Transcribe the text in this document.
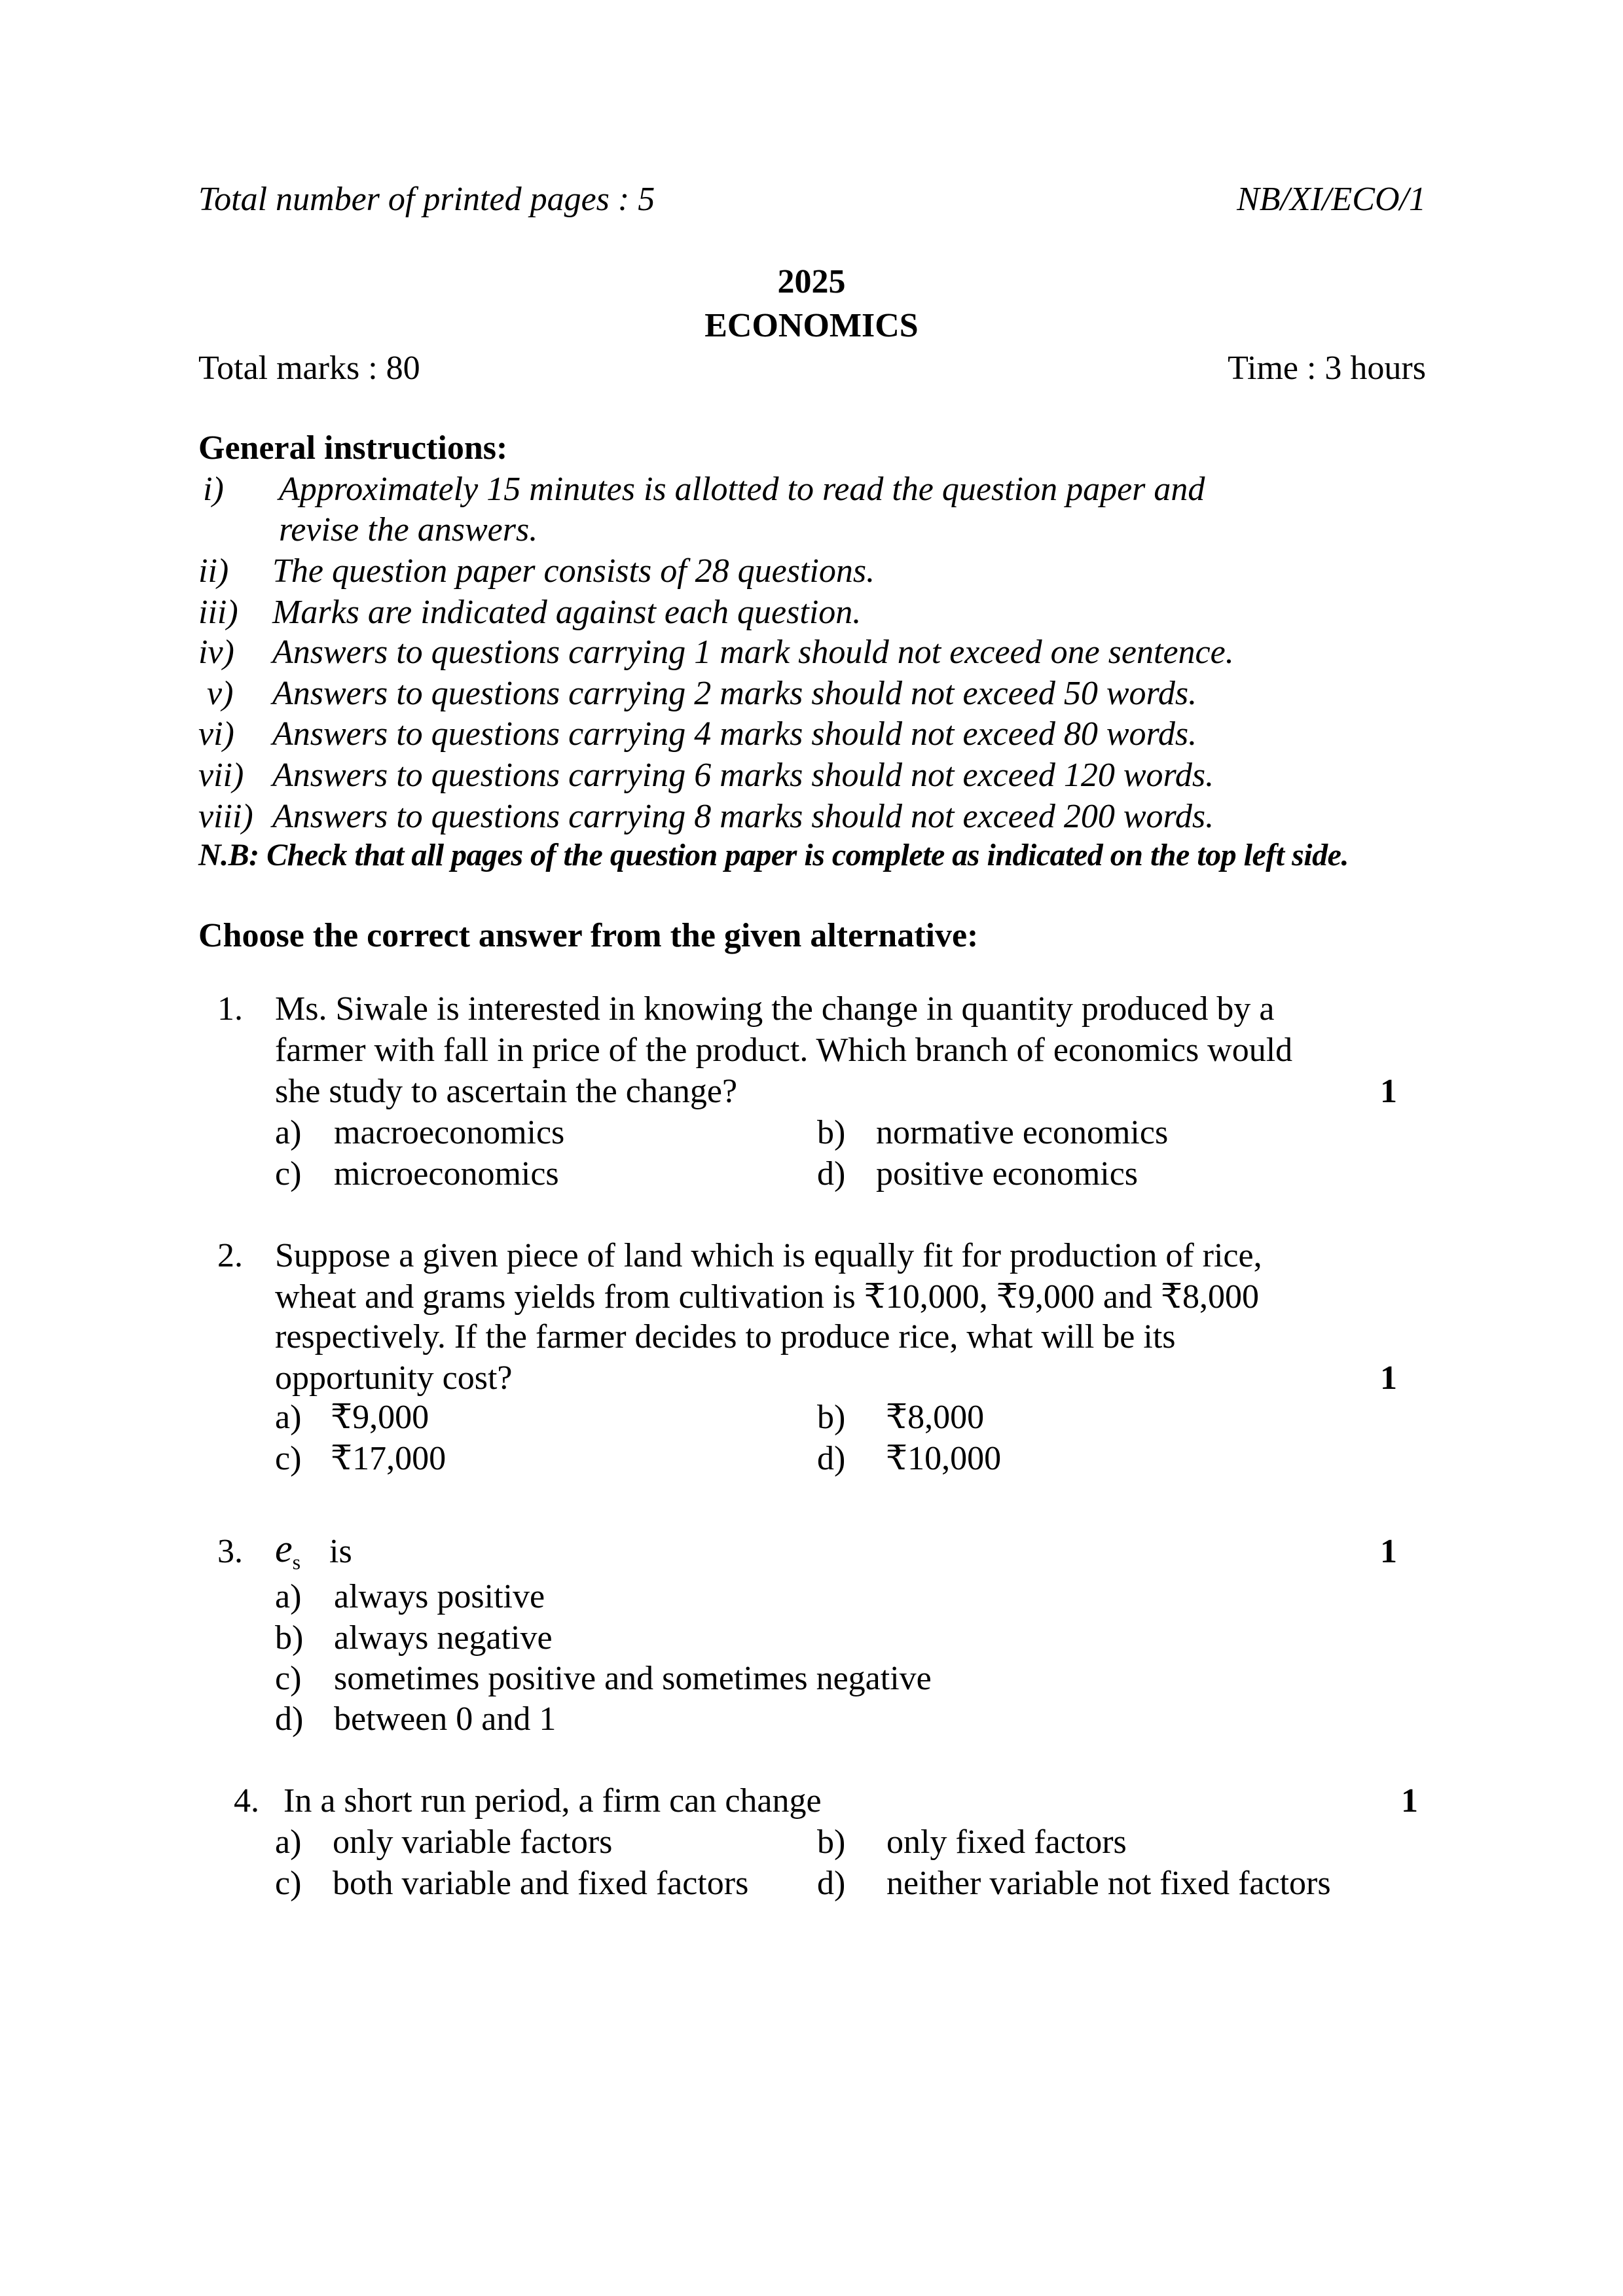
Total number of printed pages : 5	NB/XI/ECO/1
2025
ECONOMICS
Total marks : 80	Time : 3 hours
General instructions:
i) Approximately 15 minutes is allotted to read the question paper and
revise the answers.
ii) The question paper consists of 28 questions.
iii) Marks are indicated against each question.
iv) Answers to questions carrying 1 mark should not exceed one sentence.
v) Answers to questions carrying 2 marks should not exceed 50 words.
vi) Answers to questions carrying 4 marks should not exceed 80 words.
vii) Answers to questions carrying 6 marks should not exceed 120 words.
viii) Answers to questions carrying 8 marks should not exceed 200 words.
N.B: Check that all pages of the question paper is complete as indicated on the top left side.
Choose the correct answer from the given alternative:
1. Ms. Siwale is interested in knowing the change in quantity produced by a
farmer with fall in price of the product. Which branch of economics would
she study to ascertain the change?	1
a) macroeconomics	b) normative economics
c) microeconomics	d) positive economics
2. Suppose a given piece of land which is equally fit for production of rice,
wheat and grams yields from cultivation is ₹10,000, ₹9,000 and ₹8,000
respectively. If the farmer decides to produce rice, what will be its
opportunity cost?	1
a) ₹9,000	b) ₹8,000
c) ₹17,000	d) ₹10,000
3. $e_s$ is	1
a) always positive
b) always negative
c) sometimes positive and sometimes negative
d) between 0 and 1
4. In a short run period, a firm can change	1
a) only variable factors	b) only fixed factors
c) both variable and fixed factors d) neither variable not fixed factors
